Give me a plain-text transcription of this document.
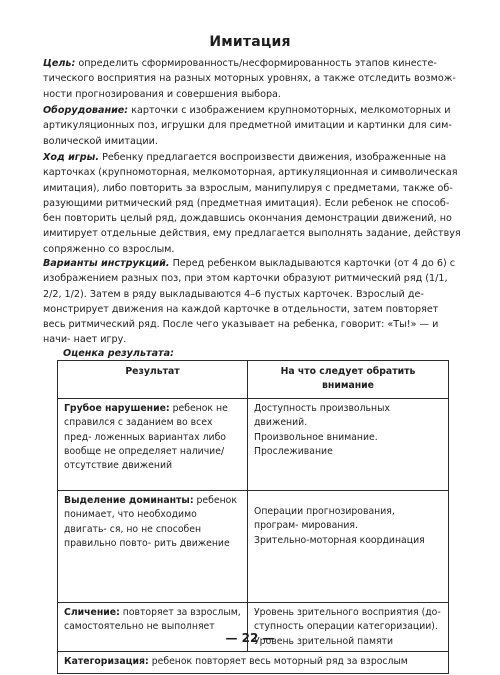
Имитация

Цель: определить сформированность/несформированность этапов кинесте- тического восприятия на разных моторных уровнях, а также отследить возмож- ности прогнозирования и совершения выбора.

Оборудование: карточки с изображением крупномоторных, мелкомоторных и артикуляционных поз, игрушки для предметной имитации и картинки для сим- волической имитации.

Ход игры. Ребенку предлагается воспроизвести движения, изображенные на карточках (крупномоторная, мелкомоторная, артикуляционная и символическая имитация), либо повторить за взрослым, манипулируя с предметами, также об- разующими ритмический ряд (предметная имитация). Если ребенок не способ- бен повторить целый ряд, дождавшись окончания демонстрации движений, но имитирует отдельные действия, ему предлагается выполнять задание, действуя сопряженно со взрослым.

Варианты инструкций. Перед ребенком выкладываются карточки (от 4 до 6) с изображением разных поз, при этом карточки образуют ритмический ряд (1/1, 2/2, 1/2). Затем в ряду выкладываются 4–6 пустых карточек. Взрослый де- монстрирует движения на каждой карточке в отдельности, затем повторяет весь ритмический ряд. После чего указывает на ребенка, говорит: «Ты!» — и начи- нает игру.

Оценка результата:
Результат	На что следует обратить внимание
Грубое нарушение: ребенок не справился с заданием во всех пред- ложенных вариантах либо вообще не определяет наличие/отсутствие движений	Доступность произвольных движений.
Произвольное внимание.
Прослеживание

Выделение доминанты: ребенок понимает, что необходимо двигать- ся, но не способен правильно повто- рить движение	Операции прогнозирования, програм- мирования.
Зрительно-моторная координация

Сличение: повторяет за взрослым, самостоятельно не выполняет	Уровень зрительного восприятия (до- ступность операции категоризации).
Уровень зрительной памяти

Категоризация: ребенок повторяет весь моторный ряд за взрослым	
— 22 —
